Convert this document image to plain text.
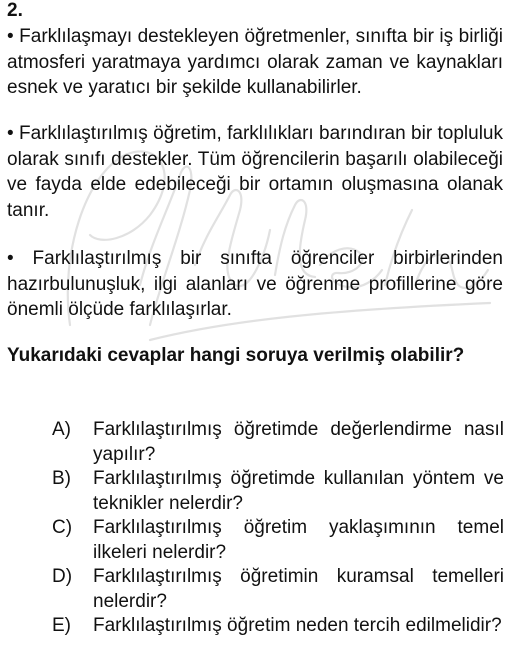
2.

• Farklılaşmayı destekleyen öğretmenler, sınıfta bir iş birliği atmosferi yaratmaya yardımcı olarak zaman ve kaynakları esnek ve yaratıcı bir şekilde kullanabilirler.

• Farklılaştırılmış öğretim, farklılıkları barındıran bir topluluk olarak sınıfı destekler. Tüm öğrencilerin başarılı olabileceği ve fayda elde edebileceği bir ortamın oluşmasına olanak tanır.

• Farklılaştırılmış bir sınıfta öğrenciler birbirlerinden hazırbulunuşluk, ilgi alanları ve öğrenme profillerine göre önemli ölçüde farklılaşırlar.

Yukarıdaki cevaplar hangi soruya verilmiş olabilir?

A)	Farklılaştırılmış öğretimde değerlendirme nasıl yapılır?
B)	Farklılaştırılmış öğretimde kullanılan yöntem ve teknikler nelerdir?
C)	Farklılaştırılmış öğretim yaklaşımının temel ilkeleri nelerdir?
D)	Farklılaştırılmış öğretimin kuramsal temelleri nelerdir?
E)	Farklılaştırılmış öğretim neden tercih edilmelidir?
